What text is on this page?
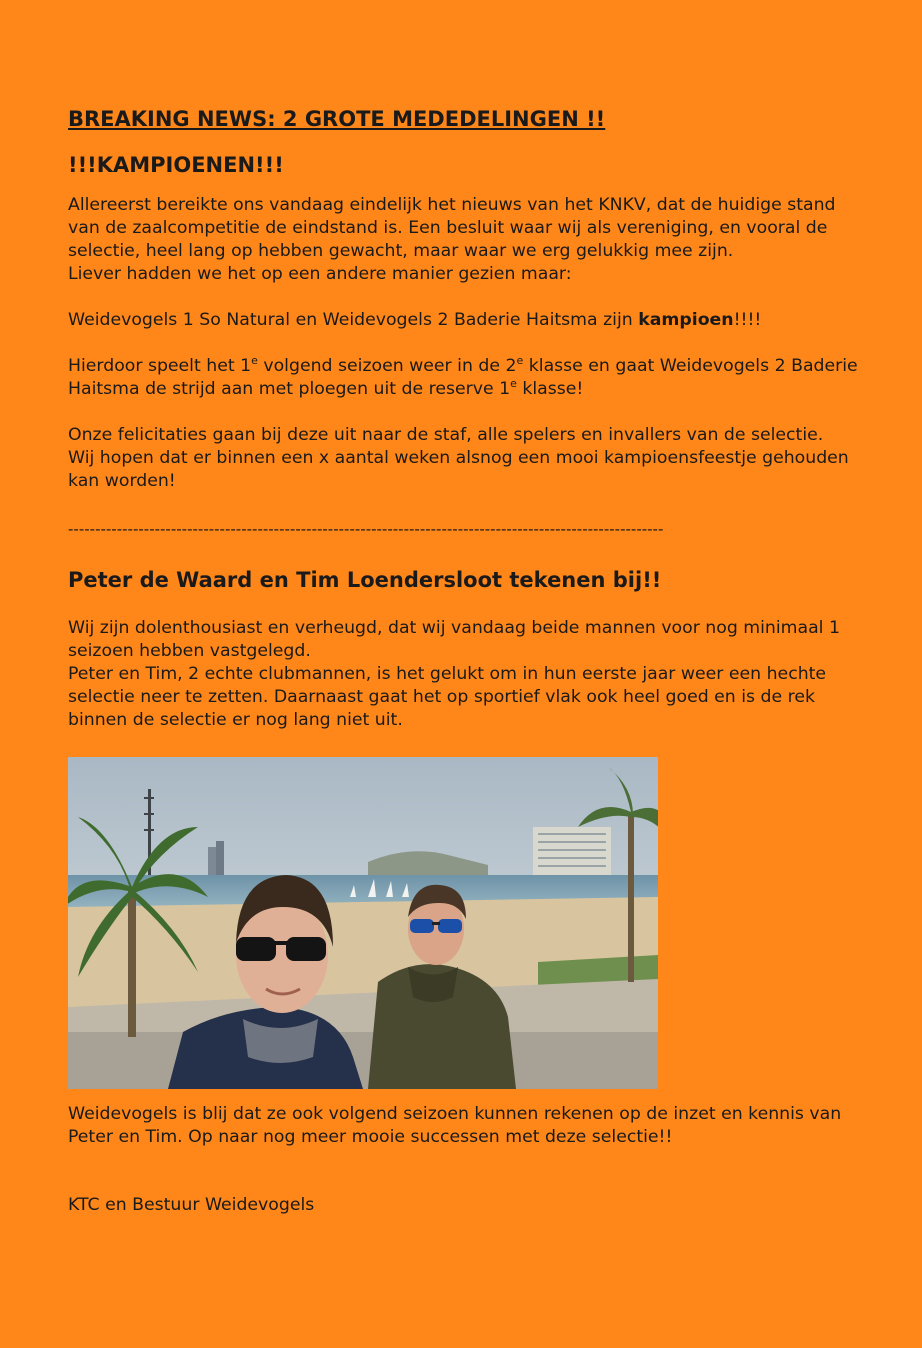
BREAKING NEWS: 2 GROTE MEDEDELINGEN !!
!!!KAMPIOENEN!!!

Allereerst bereikte ons vandaag eindelijk het nieuws van het KNKV, dat de huidige stand
van de zaalcompetitie de eindstand is. Een besluit waar wij als vereniging, en vooral de
selectie, heel lang op hebben gewacht, maar waar we erg gelukkig mee zijn.
Liever hadden we het op een andere manier gezien maar:

Weidevogels 1 So Natural en Weidevogels 2 Baderie Haitsma zijn kampioen!!!!

Hierdoor speelt het 1e volgend seizoen weer in de 2e klasse en gaat Weidevogels 2 Baderie
Haitsma de strijd aan met ploegen uit de reserve 1e klasse!

Onze felicitaties gaan bij deze uit naar de staf, alle spelers en invallers van de selectie.
Wij hopen dat er binnen een x aantal weken alsnog een mooi kampioensfeestje gehouden
kan worden!

--------------------------------------------------------------------------------------------------------------
Peter de Waard en Tim Loendersloot tekenen bij!!

Wij zijn dolenthousiast en verheugd, dat wij vandaag beide mannen voor nog minimaal 1
seizoen hebben vastgelegd.
Peter en Tim, 2 echte clubmannen, is het gelukt om in hun eerste jaar weer een hechte
selectie neer te zetten. Daarnaast gaat het op sportief vlak ook heel goed en is de rek
binnen de selectie er nog lang niet uit.

Weidevogels is blij dat ze ook volgend seizoen kunnen rekenen op de inzet en kennis van
Peter en Tim. Op naar nog meer mooie successen met deze selectie!!

KTC en Bestuur Weidevogels
